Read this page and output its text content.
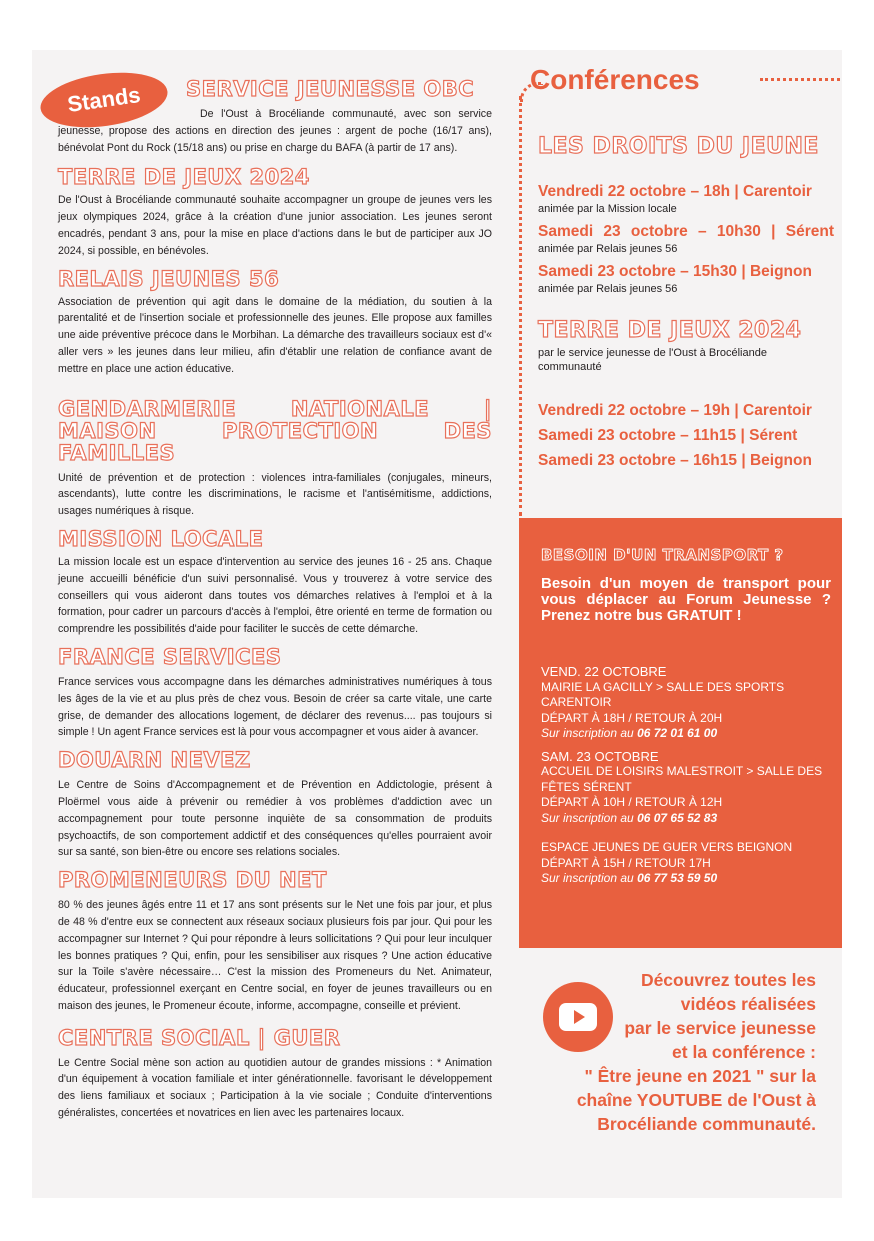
Stands SERVICE JEUNESSE OBC

De l'Oust à Brocéliande communauté, avec son service jeunesse, propose des actions en direction des jeunes : argent de poche (16/17 ans), bénévolat Pont du Rock (15/18 ans) ou prise en charge du BAFA (à partir de 17 ans).

TERRE DE JEUX 2024

De l'Oust à Brocéliande communauté souhaite accompagner un groupe de jeunes vers les jeux olympiques 2024, grâce à la création d'une junior association. Les jeunes seront encadrés, pendant 3 ans, pour la mise en place d'actions dans le but de participer aux JO 2024, si possible, en bénévoles.

RELAIS JEUNES 56

Association de prévention qui agit dans le domaine de la médiation, du soutien à la parentalité et de l'insertion sociale et professionnelle des jeunes. Elle propose aux familles une aide préventive précoce dans le Morbihan. La démarche des travailleurs sociaux est d'« aller vers » les jeunes dans leur milieu, afin d'établir une relation de confiance avant de mettre en place une action éducative.

GENDARMERIE NATIONALE | MAISON PROTECTION DES FAMILLES

Unité de prévention et de protection : violences intra-familiales (conjugales, mineurs, ascendants), lutte contre les discriminations, le racisme et l'antisémitisme, addictions, usages numériques à risque.

MISSION LOCALE

La mission locale est un espace d'intervention au service des jeunes 16 - 25 ans. Chaque jeune accueilli bénéficie d'un suivi personnalisé. Vous y trouverez à votre service des conseillers qui vous aideront dans toutes vos démarches relatives à l'emploi et à la formation, pour cadrer un parcours d'accès à l'emploi, être orienté en terme de formation ou comprendre les possibilités d'aide pour faciliter le succès de cette démarche.

FRANCE SERVICES

France services vous accompagne dans les démarches administratives numériques à tous les âges de la vie et au plus près de chez vous. Besoin de créer sa carte vitale, une carte grise, de demander des allocations logement, de déclarer des revenus.... pas toujours si simple ! Un agent France services est là pour vous accompagner et vous aider à avancer.

DOUARN NEVEZ

Le Centre de Soins d'Accompagnement et de Prévention en Addictologie, présent à Ploërmel vous aide à prévenir ou remédier à vos problèmes d'addiction avec un accompagnement pour toute personne inquiète de sa consommation de produits psychoactifs, de son comportement addictif et des conséquences qu'elles pourraient avoir sur sa santé, son bien-être ou encore ses relations sociales.

PROMENEURS DU NET

80 % des jeunes âgés entre 11 et 17 ans sont présents sur le Net une fois par jour, et plus de 48 % d'entre eux se connectent aux réseaux sociaux plusieurs fois par jour. Qui pour les accompagner sur Internet ? Qui pour répondre à leurs sollicitations ? Qui pour leur inculquer les bonnes pratiques ? Qui, enfin, pour les sensibiliser aux risques ? Une action éducative sur la Toile s'avère nécessaire… C'est la mission des Promeneurs du Net. Animateur, éducateur, professionnel exerçant en Centre social, en foyer de jeunes travailleurs ou en maison des jeunes, le Promeneur écoute, informe, accompagne, conseille et prévient.

CENTRE SOCIAL | GUER

Le Centre Social mène son action au quotidien autour de grandes missions : * Animation d'un équipement à vocation familiale et inter générationnelle. favorisant le développement des liens familiaux et sociaux ; Participation à la vie sociale ; Conduite d'interventions généralistes, concertées et novatrices en lien avec les partenaires locaux.

Conférences
LES DROITS DU JEUNE

Vendredi 22 octobre – 18h | Carentoir

animée par la Mission locale

Samedi 23 octobre – 10h30 | Sérent

animée par Relais jeunes 56

Samedi 23 octobre – 15h30 | Beignon

animée par Relais jeunes 56

TERRE DE JEUX 2024

par le service jeunesse de l'Oust à Brocéliande communauté

Vendredi 22 octobre – 19h | Carentoir

Samedi 23 octobre – 11h15 | Sérent

Samedi 23 octobre – 16h15 | Beignon

BESOIN D'UN TRANSPORT ?
Besoin d'un moyen de transport pour vous déplacer au Forum Jeunesse ? Prenez notre bus GRATUIT !
VEND. 22 OCTOBRE
MAIRIE LA GACILLY > SALLE DES SPORTS CARENTOIR
DÉPART À 18H / RETOUR À 20H
Sur inscription au 06 72 01 61 00
SAM. 23 OCTOBRE
ACCUEIL DE LOISIRS MALESTROIT > SALLE DES FÊTES SÉRENT
DÉPART À 10H / RETOUR À 12H
Sur inscription au 06 07 65 52 83
ESPACE JEUNES DE GUER VERS BEIGNON
DÉPART À 15H / RETOUR 17H
Sur inscription au 06 77 53 59 50
Découvrez toutes les
vidéos réalisées
par le service jeunesse
et la conférence :
" Être jeune en 2021 " sur la
chaîne YOUTUBE de l'Oust à
Brocéliande communauté.
